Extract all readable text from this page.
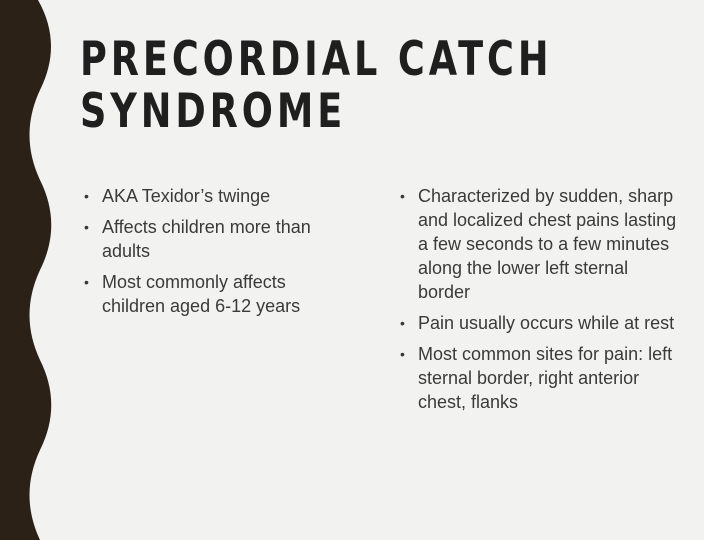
PRECORDIAL CATCH
SYNDROME
• AKA Texidor’s twinge
• Affects children more than adults
• Most commonly affects children aged 6-12 years
• Characterized by sudden, sharp and localized chest pains lasting a few seconds to a few minutes along the lower left sternal border
• Pain usually occurs while at rest
• Most common sites for pain: left sternal border, right anterior chest, flanks
